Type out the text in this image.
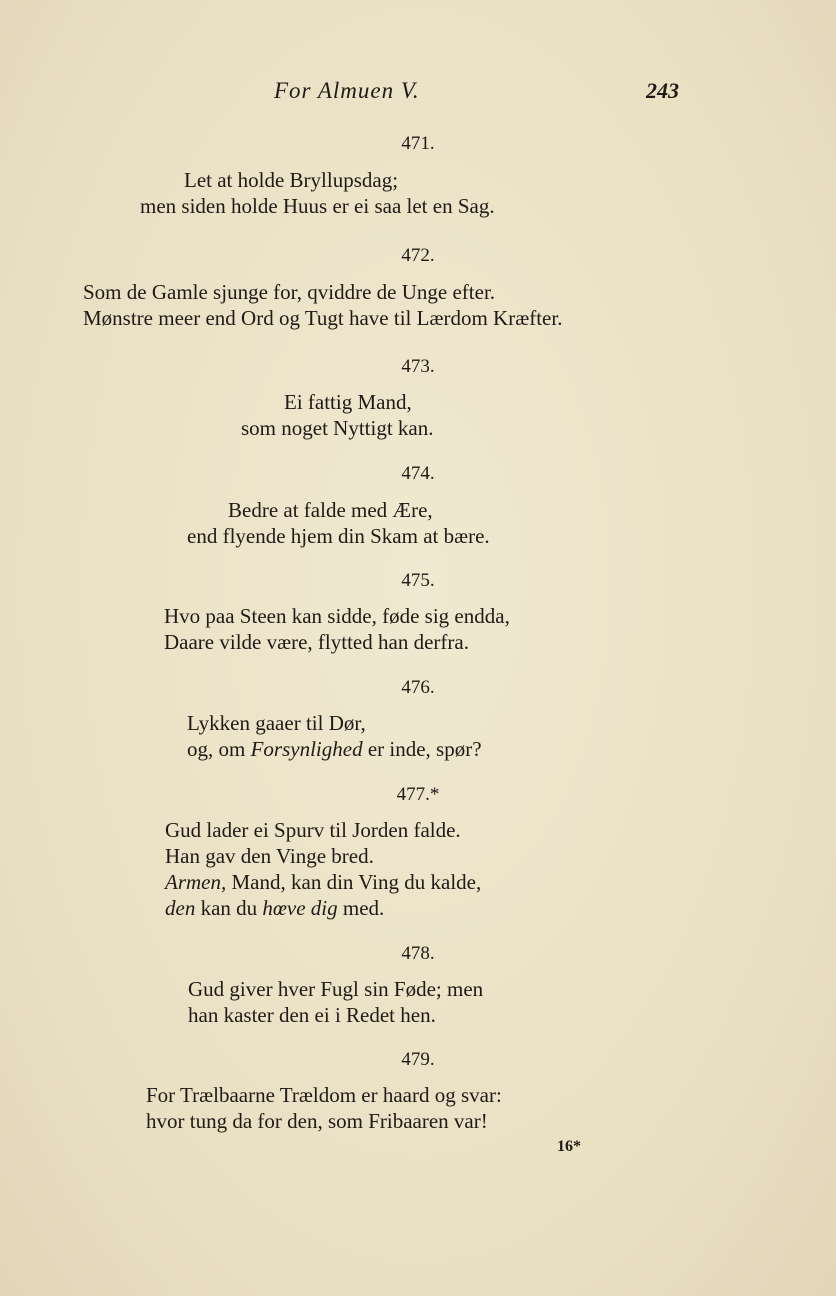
For Almuen V.	243
471.
Let at holde Bryllupsdag;
men siden holde Huus er ei saa let en Sag.
472.
Som de Gamle sjunge for, qviddre de Unge efter.
Mønstre meer end Ord og Tugt have til Lærdom Kræfter.
473.
Ei fattig Mand,
som noget Nyttigt kan.
474.
Bedre at falde med Ære,
end flyende hjem din Skam at bære.
475.
Hvo paa Steen kan sidde, føde sig endda,
Daare vilde være, flytted han derfra.
476.
Lykken gaaer til Dør,
og, om Forsynlighed er inde, spør?
477.*
Gud lader ei Spurv til Jorden falde.
Han gav den Vinge bred.
Armen, Mand, kan din Ving du kalde,
den kan du hœve dig med.
478.
Gud giver hver Fugl sin Føde; men
han kaster den ei i Redet hen.
479.
For Trælbaarne Trældom er haard og svar:
hvor tung da for den, som Fribaaren var!
16*
